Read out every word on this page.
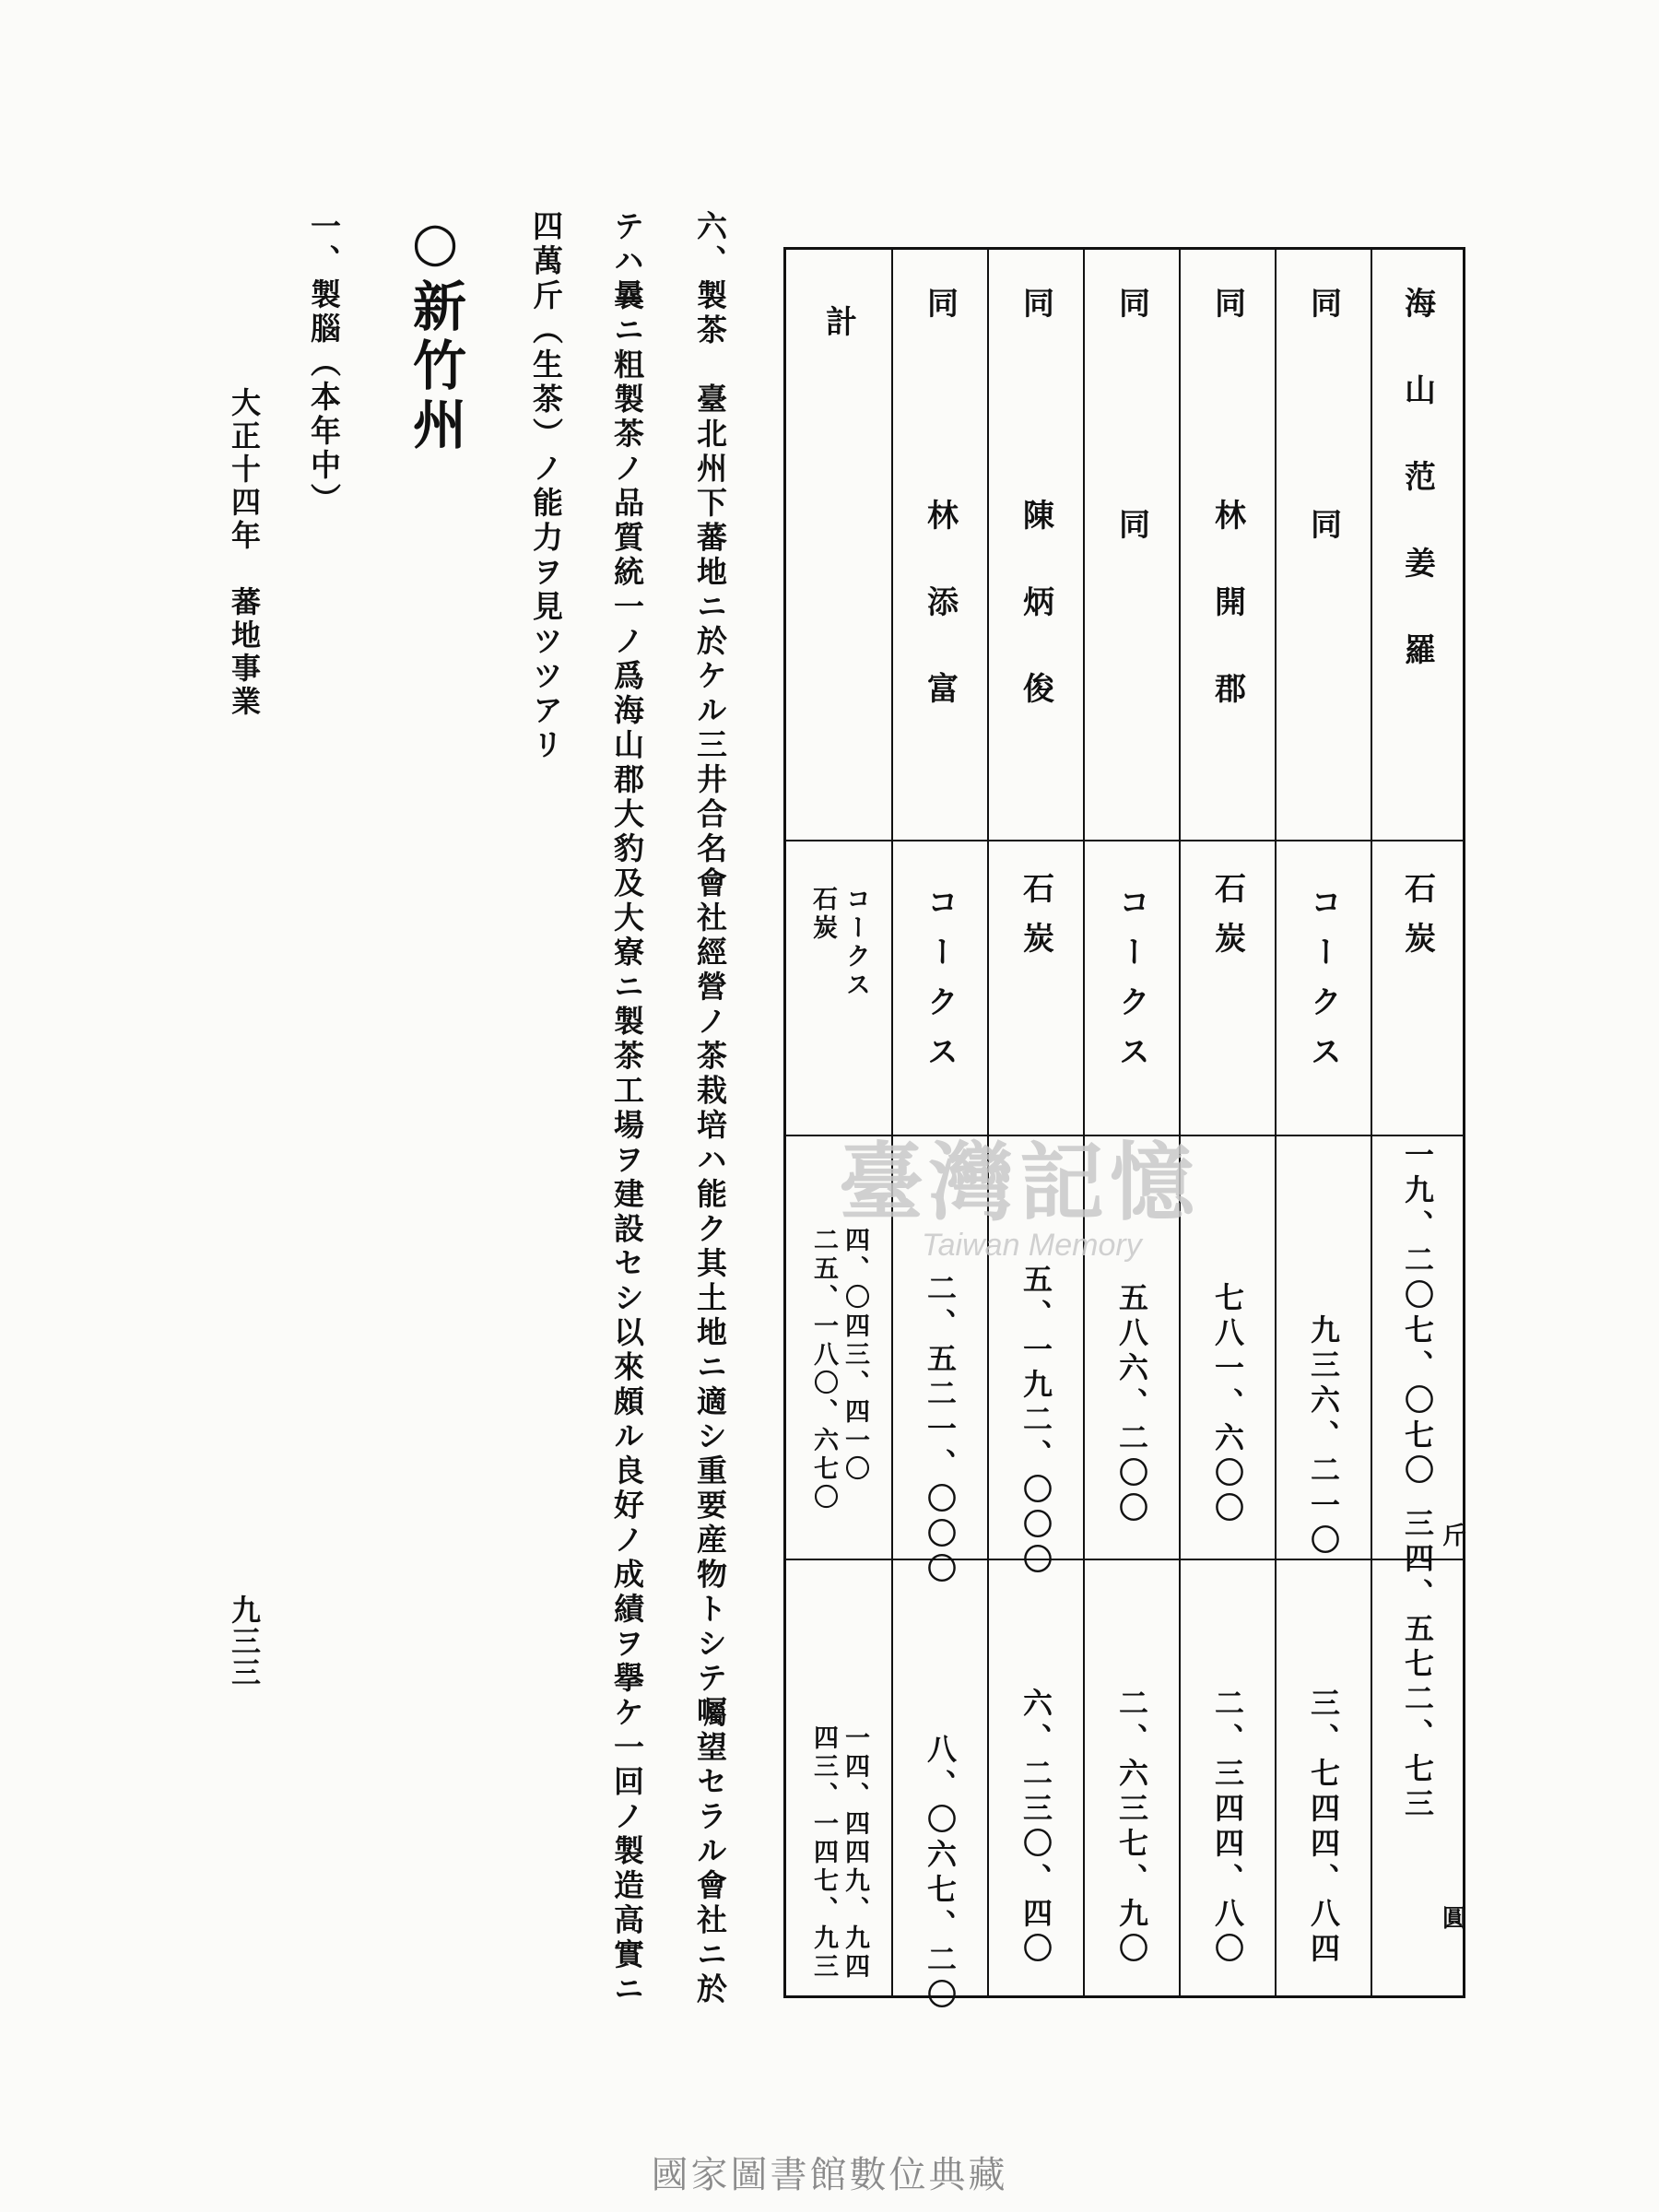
海山范姜羅
石炭
一九、二〇七、〇七〇
三四、五七二、七三
同
同
コークス
九三六、二一〇
三、七四四、八四
同
林開郡
石炭
七八一、六〇〇
二、三四四、八〇
同
同
コークス
五八六、二〇〇
二、六三七、九〇
同
陳炳俊
石炭
五、一九二、〇〇〇
六、二三〇、四〇
同
林添富
コークス
二、五二一、〇〇〇
八、〇六七、二〇
計
石炭 コークス
二五、一八〇、六七〇 四、〇四三、四一〇
四三、一四七、九三 一四、四四九、九四
斤
圓
臺灣記憶
Taiwan Memory
六、製茶　臺北州下蕃地ニ於ケル三井合名會社經營ノ茶栽培ハ能ク其土地ニ適シ重要産物トシテ囑望セラル會社ニ於
テハ曩ニ粗製茶ノ品質統一ノ爲海山郡大豹及大寮ニ製茶工場ヲ建設セシ以來頗ル良好ノ成績ヲ擧ケ一回ノ製造高實ニ
四萬斤（生茶）ノ能力ヲ見ツツアリ
○新竹州
一、製腦（本年中）
大正十四年　蕃地事業
九三三
國家圖書館數位典藏
